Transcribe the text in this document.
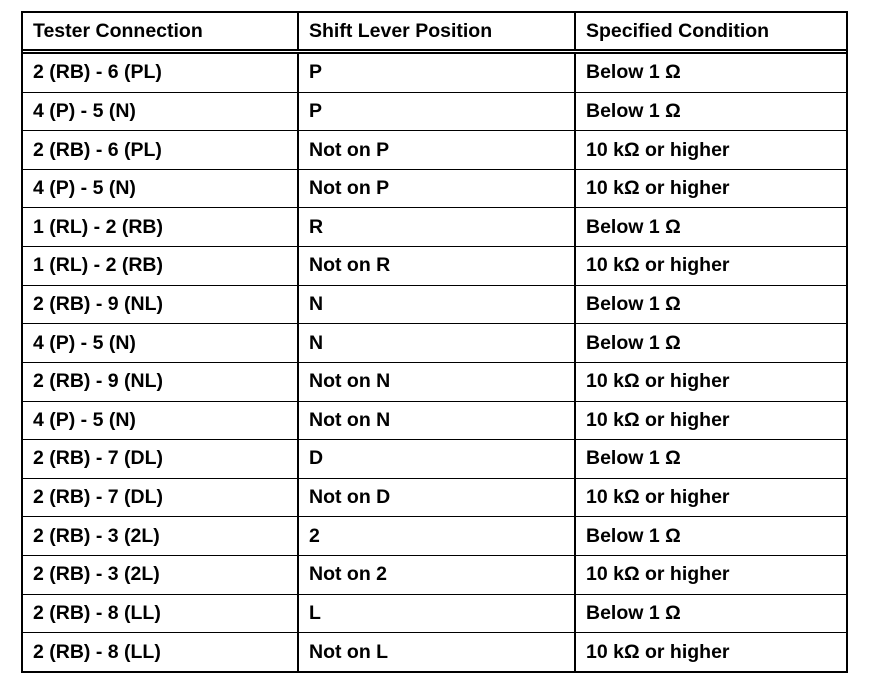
Tester Connection	Shift Lever Position	Specified Condition
2 (RB) - 6 (PL)	P	Below 1 Ω
4 (P) - 5 (N)	P	Below 1 Ω
2 (RB) - 6 (PL)	Not on P	10 kΩ or higher
4 (P) - 5 (N)	Not on P	10 kΩ or higher
1 (RL) - 2 (RB)	R	Below 1 Ω
1 (RL) - 2 (RB)	Not on R	10 kΩ or higher
2 (RB) - 9 (NL)	N	Below 1 Ω
4 (P) - 5 (N)	N	Below 1 Ω
2 (RB) - 9 (NL)	Not on N	10 kΩ or higher
4 (P) - 5 (N)	Not on N	10 kΩ or higher
2 (RB) - 7 (DL)	D	Below 1 Ω
2 (RB) - 7 (DL)	Not on D	10 kΩ or higher
2 (RB) - 3 (2L)	2	Below 1 Ω
2 (RB) - 3 (2L)	Not on 2	10 kΩ or higher
2 (RB) - 8 (LL)	L	Below 1 Ω
2 (RB) - 8 (LL)	Not on L	10 kΩ or higher
